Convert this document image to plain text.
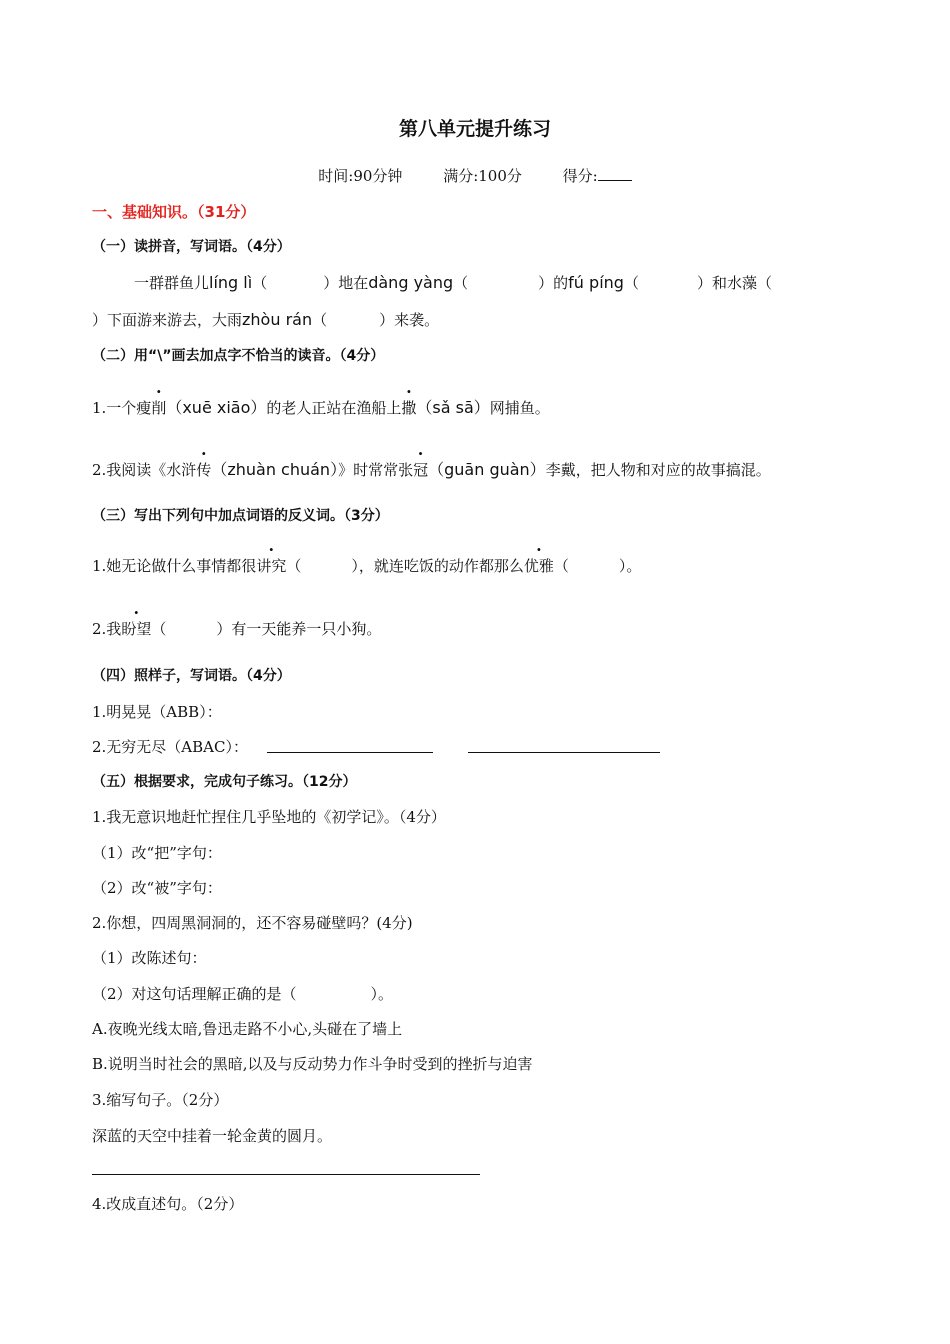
第八单元提升练习
时间:90分钟	满分:100分	得分:
一、基础知识。（31分）
（一）读拼音，写词语。（4分）
一群群鱼儿líng lì（	）地在dàng yàng（	）的fú píng（	）和水藻（
）下面游来游去，大雨zhòu rán（	）来袭。
（二）用“\”画去加点字不恰当的读音。（4分）
1.一个瘦削（xuē xiāo）的老人正站在渔船上撒（sǎ sā）网捕鱼。
2.我阅读《水浒传（zhuàn chuán）》时常常张冠（guān guàn）李戴，把人物和对应的故事搞混。
（三）写出下列句中加点词语的反义词。（3分）
1.她无论做什么事情都很讲究（	），就连吃饭的动作都那么优雅（	）。
2.我盼望（	）有一天能养一只小狗。
（四）照样子，写词语。（4分）
1.明晃晃（ABB）：
2.无穷无尽（ABAC）：
（五）根据要求，完成句子练习。（12分）
1.我无意识地赶忙捏住几乎坠地的《初学记》。（4分）
（1）改“把”字句：
（2）改“被”字句：
2.你想，四周黑洞洞的，还不容易碰壁吗？(4分)
（1）改陈述句：
（2）对这句话理解正确的是（	）。
A.夜晚光线太暗,鲁迅走路不小心,头碰在了墙上
B.说明当时社会的黑暗,以及与反动势力作斗争时受到的挫折与迫害
3.缩写句子。（2分）
深蓝的天空中挂着一轮金黄的圆月。
4.改成直述句。（2分）
